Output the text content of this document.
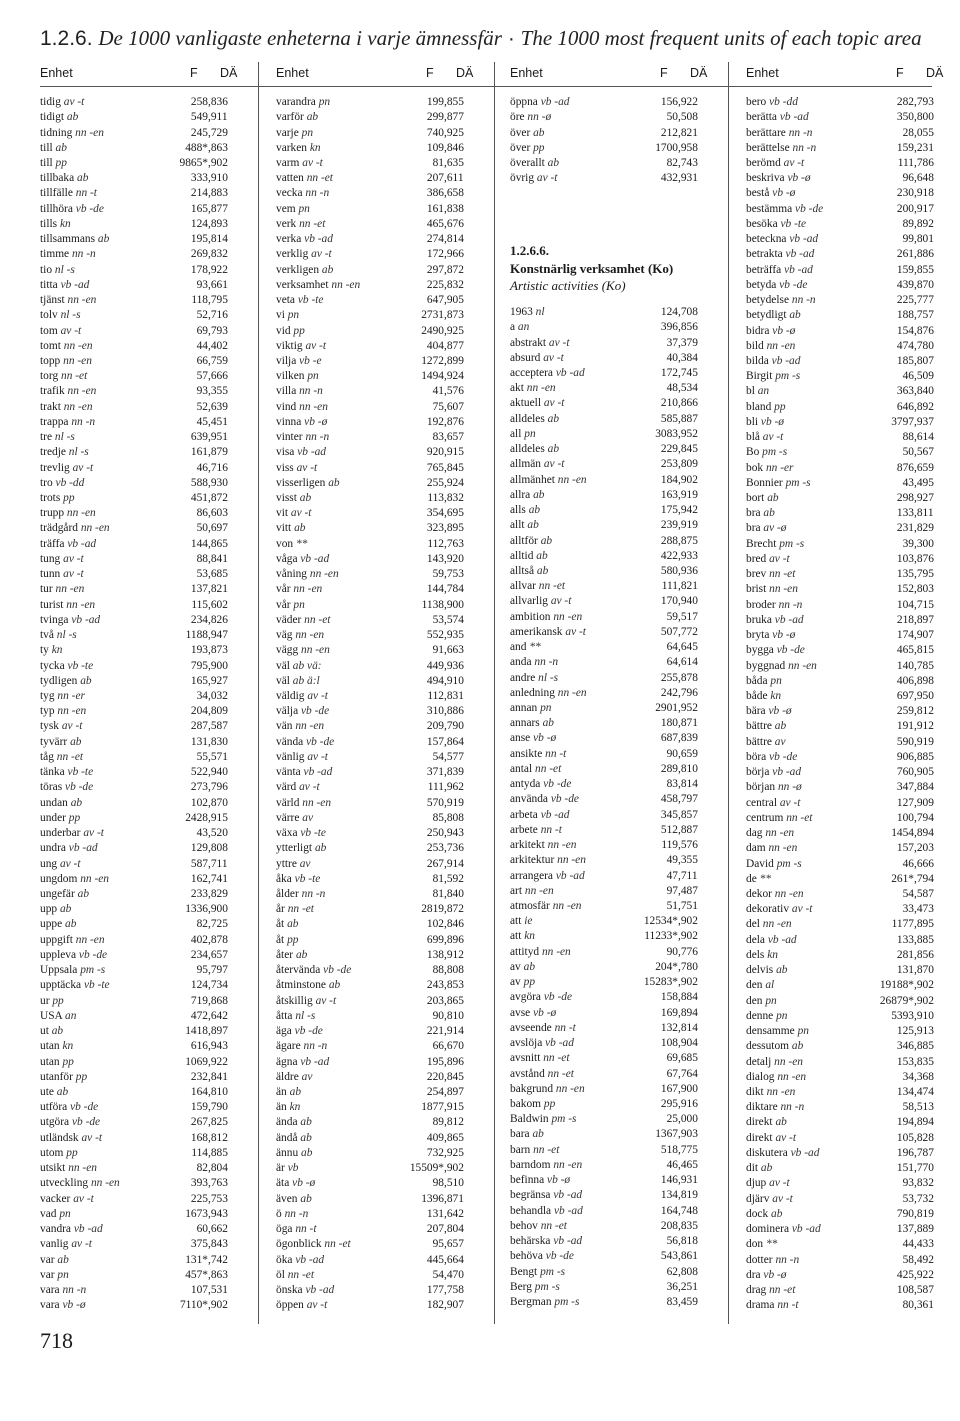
1.2.6. De 1000 vanligaste enheterna i varje ämnessfär · The 1000 most frequent units of each topic area
Enhet	F DÄ
tidig av -t	258 ,836
tidigt ab	549 ,911
tidning nn -en	245 ,729
till ab	488* ,863
till pp	9865* ,902
tillbaka ab	333 ,910
tillfälle nn -t	214 ,883
tillhöra vb -de	165 ,877
tills kn	124 ,893
tillsammans ab	195 ,814
timme nn -n	269 ,832
tio nl -s	178 ,922
titta vb -ad	93 ,661
tjänst nn -en	118 ,795
tolv nl -s	52 ,716
tom av -t	69 ,793
tomt nn -en	44 ,402
topp nn -en	66 ,759
torg nn -et	57 ,666
trafik nn -en	93 ,355
trakt nn -en	52 ,639
trappa nn -n	45 ,451
tre nl -s	639 ,951
tredje nl -s	161 ,879
trevlig av -t	46 ,716
tro vb -dd	588 ,930
trots pp	451 ,872
trupp nn -en	86 ,603
trädgård nn -en	50 ,697
träffa vb -ad	144 ,865
tung av -t	88 ,841
tunn av -t	53 ,685
tur nn -en	137 ,821
turist nn -en	115 ,602
tvinga vb -ad	234 ,826
två nl -s	1188 ,947
ty kn	193 ,873
tycka vb -te	795 ,900
tydligen ab	165 ,927
tyg nn -er	34 ,032
typ nn -en	204 ,809
tysk av -t	287 ,587
tyvärr ab	131 ,830
tåg nn -et	55 ,571
tänka vb -te	522 ,940
töras vb -de	273 ,796
undan ab	102 ,870
under pp	2428 ,915
underbar av -t	43 ,520
undra vb -ad	129 ,808
ung av -t	587 ,711
ungdom nn -en	162 ,741
ungefär ab	233 ,829
upp ab	1336 ,900
uppe ab	82 ,725
uppgift nn -en	402 ,878
uppleva vb -de	234 ,657
Uppsala pm -s	95 ,797
upptäcka vb -te	124 ,734
ur pp	719 ,868
USA an	472 ,642
ut ab	1418 ,897
utan kn	616 ,943
utan pp	1069 ,922
utanför pp	232 ,841
ute ab	164 ,810
utföra vb -de	159 ,790
utgöra vb -de	267 ,825
utländsk av -t	168 ,812
utom pp	114 ,885
utsikt nn -en	82 ,804
utveckling nn -en	393 ,763
vacker av -t	225 ,753
vad pn	1673 ,943
vandra vb -ad	60 ,662
vanlig av -t	375 ,843
var ab	131* ,742
var pn	457* ,863
vara nn -n	107 ,531
vara vb -ø	7110* ,902
Enhet	F DÄ
varandra pn	199 ,855
varför ab	299 ,877
varje pn	740 ,925
varken kn	109 ,846
varm av -t	81 ,635
vatten nn -et	207 ,611
vecka nn -n	386 ,658
vem pn	161 ,838
verk nn -et	465 ,676
verka vb -ad	274 ,814
verklig av -t	172 ,966
verkligen ab	297 ,872
verksamhet nn -en	225 ,832
veta vb -te	647 ,905
vi pn	2731 ,873
vid pp	2490 ,925
viktig av -t	404 ,877
vilja vb -e	1272 ,899
vilken pn	1494 ,924
villa nn -n	41 ,576
vind nn -en	75 ,607
vinna vb -ø	192 ,876
vinter nn -n	83 ,657
visa vb -ad	920 ,915
viss av -t	765 ,845
visserligen ab	255 ,924
visst ab	113 ,832
vit av -t	354 ,695
vitt ab	323 ,895
von **	112 ,763
våga vb -ad	143 ,920
våning nn -en	59 ,753
vår nn -en	144 ,784
vår pn	1138 ,900
väder nn -et	53 ,574
väg nn -en	552 ,935
vägg nn -en	91 ,663
väl ab vä:	449 ,936
väl ab ä:l	494 ,910
väldig av -t	112 ,831
välja vb -de	310 ,886
vän nn -en	209 ,790
vända vb -de	157 ,864
vänlig av -t	54 ,577
vänta vb -ad	371 ,839
värd av -t	111 ,962
värld nn -en	570 ,919
värre av	85 ,808
växa vb -te	250 ,943
ytterligt ab	253 ,736
yttre av	267 ,914
åka vb -te	81 ,592
ålder nn -n	81 ,840
år nn -et	2819 ,872
åt ab	102 ,846
åt pp	699 ,896
åter ab	138 ,912
återvända vb -de	88 ,808
åtminstone ab	243 ,853
åtskillig av -t	203 ,865
åtta nl -s	90 ,810
äga vb -de	221 ,914
ägare nn -n	66 ,670
ägna vb -ad	195 ,896
äldre av	220 ,845
än ab	254 ,897
än kn	1877 ,915
ända ab	89 ,812
ändå ab	409 ,865
ännu ab	732 ,925
är vb	15509* ,902
äta vb -ø	98 ,510
även ab	1396 ,871
ö nn -n	131 ,642
öga nn -t	207 ,804
ögonblick nn -et	95 ,657
öka vb -ad	445 ,664
öl nn -et	54 ,470
önska vb -ad	177 ,758
öppen av -t	182 ,907
Enhet	F DÄ
1.2.6.6.
Konstnärlig verksamhet (Ko)
Artistic activities (Ko)
öppna vb -ad	156 ,922
öre nn -ø	50 ,508
över ab	212 ,821
över pp	1700 ,958
överallt ab	82 ,743
övrig av -t	432 ,931
1963 nl	124 ,708
a an	396 ,856
abstrakt av -t	37 ,379
absurd av -t	40 ,384
acceptera vb -ad	172 ,745
akt nn -en	48 ,534
aktuell av -t	210 ,866
alldeles ab	585 ,887
all pn	3083 ,952
alldeles ab	229 ,845
allmän av -t	253 ,809
allmänhet nn -en	184 ,902
allra ab	163 ,919
alls ab	175 ,942
allt ab	239 ,919
alltför ab	288 ,875
alltid ab	422 ,933
alltså ab	580 ,936
allvar nn -et	111 ,821
allvarlig av -t	170 ,940
ambition nn -en	59 ,517
amerikansk av -t	507 ,772
and **	64 ,645
anda nn -n	64 ,614
andre nl -s	255 ,878
anledning nn -en	242 ,796
annan pn	2901 ,952
annars ab	180 ,871
anse vb -ø	687 ,839
ansikte nn -t	90 ,659
antal nn -et	289 ,810
antyda vb -de	83 ,814
använda vb -de	458 ,797
arbeta vb -ad	345 ,857
arbete nn -t	512 ,887
arkitekt nn -en	119 ,576
arkitektur nn -en	49 ,355
arrangera vb -ad	47 ,711
art nn -en	97 ,487
atmosfär nn -en	51 ,751
att ie	12534* ,902
att kn	11233* ,902
attityd nn -en	90 ,776
av ab	204* ,780
av pp	15283* ,902
avgöra vb -de	158 ,884
avse vb -ø	169 ,894
avseende nn -t	132 ,814
avslöja vb -ad	108 ,904
avsnitt nn -et	69 ,685
avstånd nn -et	67 ,764
bakgrund nn -en	167 ,900
bakom pp	295 ,916
Baldwin pm -s	25 ,000
bara ab	1367 ,903
barn nn -et	518 ,775
barndom nn -en	46 ,465
befinna vb -ø	146 ,931
begränsa vb -ad	134 ,819
behandla vb -ad	164 ,748
behov nn -et	208 ,835
behärska vb -ad	56 ,818
behöva vb -de	543 ,861
Bengt pm -s	62 ,808
Berg pm -s	36 ,251
Bergman pm -s	83 ,459
Enhet	F DÄ
bero vb -dd	282 ,793
berätta vb -ad	350 ,800
berättare nn -n	28 ,055
berättelse nn -n	159 ,231
berömd av -t	111 ,786
beskriva vb -ø	96 ,648
bestå vb -ø	230 ,918
bestämma vb -de	200 ,917
besöka vb -te	89 ,892
beteckna vb -ad	99 ,801
betrakta vb -ad	261 ,886
beträffa vb -ad	159 ,855
betyda vb -de	439 ,870
betydelse nn -n	225 ,777
betydligt ab	188 ,757
bidra vb -ø	154 ,876
bild nn -en	474 ,780
bilda vb -ad	185 ,807
Birgit pm -s	46 ,509
bl an	363 ,840
bland pp	646 ,892
bli vb -ø	3797 ,937
blå av -t	88 ,614
Bo pm -s	50 ,567
bok nn -er	876 ,659
Bonnier pm -s	43 ,495
bort ab	298 ,927
bra ab	133 ,811
bra av -ø	231 ,829
Brecht pm -s	39 ,300
bred av -t	103 ,876
brev nn -et	135 ,795
brist nn -en	152 ,803
broder nn -n	104 ,715
bruka vb -ad	218 ,897
bryta vb -ø	174 ,907
bygga vb -de	465 ,815
byggnad nn -en	140 ,785
båda pn	406 ,898
både kn	697 ,950
bära vb -ø	259 ,812
bättre ab	191 ,912
bättre av	590 ,919
böra vb -de	906 ,885
börja vb -ad	760 ,905
början nn -ø	347 ,884
central av -t	127 ,909
centrum nn -et	100 ,794
dag nn -en	1454 ,894
dam nn -en	157 ,203
David pm -s	46 ,666
de **	261* ,794
dekor nn -en	54 ,587
dekorativ av -t	33 ,473
del nn -en	1177 ,895
dela vb -ad	133 ,885
dels kn	281 ,856
delvis ab	131 ,870
den al	19188* ,902
den pn	26879* ,902
denne pn	5393 ,910
densamme pn	125 ,913
dessutom ab	346 ,885
detalj nn -en	153 ,835
dialog nn -en	34 ,368
dikt nn -en	134 ,474
diktare nn -n	58 ,513
direkt ab	194 ,894
direkt av -t	105 ,828
diskutera vb -ad	196 ,787
dit ab	151 ,770
djup av -t	93 ,832
djärv av -t	53 ,732
dock ab	790 ,819
dominera vb -ad	137 ,889
don **	44 ,433
dotter nn -n	58 ,492
dra vb -ø	425 ,922
drag nn -et	108 ,587
drama nn -t	80 ,361
718
